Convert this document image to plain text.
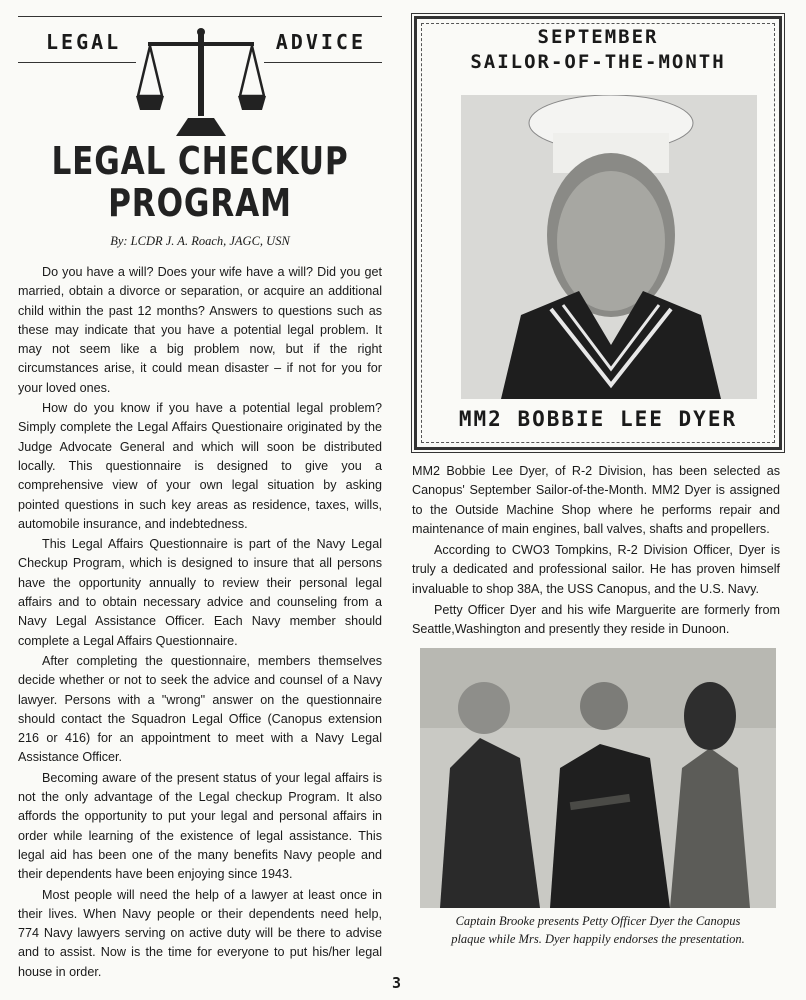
LEGAL	ADVICE
LEGAL CHECKUP
PROGRAM
By: LCDR J. A. Roach, JAGC, USN

Do you have a will? Does your wife have a will? Did you get married, obtain a divorce or separation, or acquire an additional child within the past 12 months? Answers to questions such as these may indicate that you have a potential legal problem. It may not seem like a big problem now, but if the right circumstances arise, it could mean disaster – if not for you for your loved ones.

How do you know if you have a potential legal problem? Simply complete the Legal Affairs Questionaire originated by the Judge Advocate General and which will soon be distributed locally. This questionnaire is designed to give you a comprehensive view of your own legal situation by asking pointed questions in such key areas as residence, taxes, wills, automobile insurance, and indebtedness.

This Legal Affairs Questionnaire is part of the Navy Legal Checkup Program, which is designed to insure that all persons have the opportunity annually to review their personal legal affairs and to obtain necessary advice and counseling from a Navy Legal Assistance Officer. Each Navy member should complete a Legal Affairs Questionnaire.

After completing the questionnaire, members themselves decide whether or not to seek the advice and counsel of a Navy lawyer. Persons with a "wrong" answer on the questionnaire should contact the Squadron Legal Office (Canopus extension 216 or 416) for an appointment to meet with a Navy Legal Assistance Officer.

Becoming aware of the present status of your legal affairs is not the only advantage of the Legal checkup Program. It also affords the opportunity to put your legal and personal affairs in order while learning of the existence of legal assistance. This legal aid has been one of the many benefits Navy people and their dependents have been enjoying since 1943.

Most people will need the help of a lawyer at least once in their lives. When Navy people or their dependents need help, 774 Navy lawyers serving on active duty will be there to advise and to assist. Now is the time for everyone to put his/her legal house in order.

SEPTEMBER
SAILOR-OF-THE-MONTH
MM2 BOBBIE LEE DYER

MM2 Bobbie Lee Dyer, of R-2 Division, has been selected as Canopus' September Sailor-of-the-Month. MM2 Dyer is assigned to the Outside Machine Shop where he performs repair and maintenance of main engines, ball valves, shafts and propellers.

According to CWO3 Tompkins, R-2 Division Officer, Dyer is truly a dedicated and professional sailor. He has proven himself invaluable to shop 38A, the USS Canopus, and the U.S. Navy.

Petty Officer Dyer and his wife Marguerite are formerly from Seattle,Washington and presently they reside in Dunoon.

Captain Brooke presents Petty Officer Dyer the Canopus
plaque while Mrs. Dyer happily endorses the presentation.
3
